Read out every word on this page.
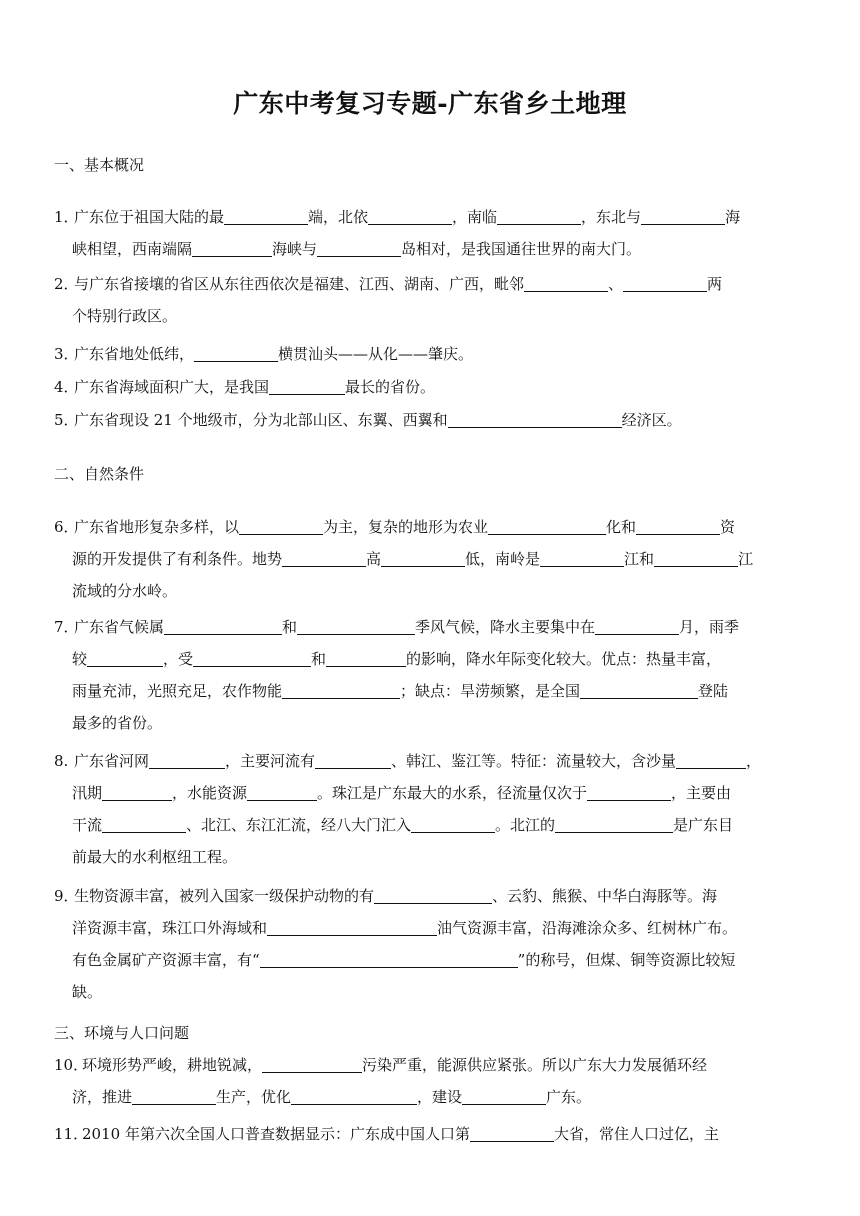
广东中考复习专题-广东省乡土地理
一、基本概况

1．广东位于祖国大陆的最	端，北依	，南临	，东北与	海

峡相望，西南端隔	海峡与	岛相对，是我国通往世界的南大门。

2．与广东省接壤的省区从东往西依次是福建、江西、湖南、广西，毗邻	、	两

个特别行政区。

3．广东省地处低纬，	横贯汕头——从化——肇庆。

4．广东省海域面积广大，是我国	最长的省份。

5．广东省现设 21 个地级市，分为北部山区、东翼、西翼和	经济区。

二、自然条件

6．广东省地形复杂多样，以	为主，复杂的地形为农业	化和	资

源的开发提供了有利条件。地势	高	低，南岭是	江和	江

流域的分水岭。

7．广东省气候属	和	季风气候，降水主要集中在	月，雨季

较	，受	和	的影响，降水年际变化较大。优点：热量丰富，

雨量充沛，光照充足，农作物能	；缺点：旱涝频繁，是全国	登陆

最多的省份。

8. 广东省河网	，主要河流有	、韩江、鉴江等。特征：流量较大，含沙量	，

汛期	，水能资源	。珠江是广东最大的水系，径流量仅次于	，主要由

干流	、北江、东江汇流，经八大门汇入	。北江的	是广东目

前最大的水利枢纽工程。

9．生物资源丰富，被列入国家一级保护动物的有	、云豹、熊猴、中华白海豚等。海

洋资源丰富，珠江口外海域和	油气资源丰富，沿海滩涂众多、红树林广布。

有色金属矿产资源丰富，有“	”的称号，但煤、铜等资源比较短

缺。

三、环境与人口问题

10．环境形势严峻，耕地锐减，	污染严重，能源供应紧张。所以广东大力发展循环经

济，推进	生产，优化	，建设	广东。

11．2010 年第六次全国人口普查数据显示：广东成中国人口第	大省，常住人口过亿，主
